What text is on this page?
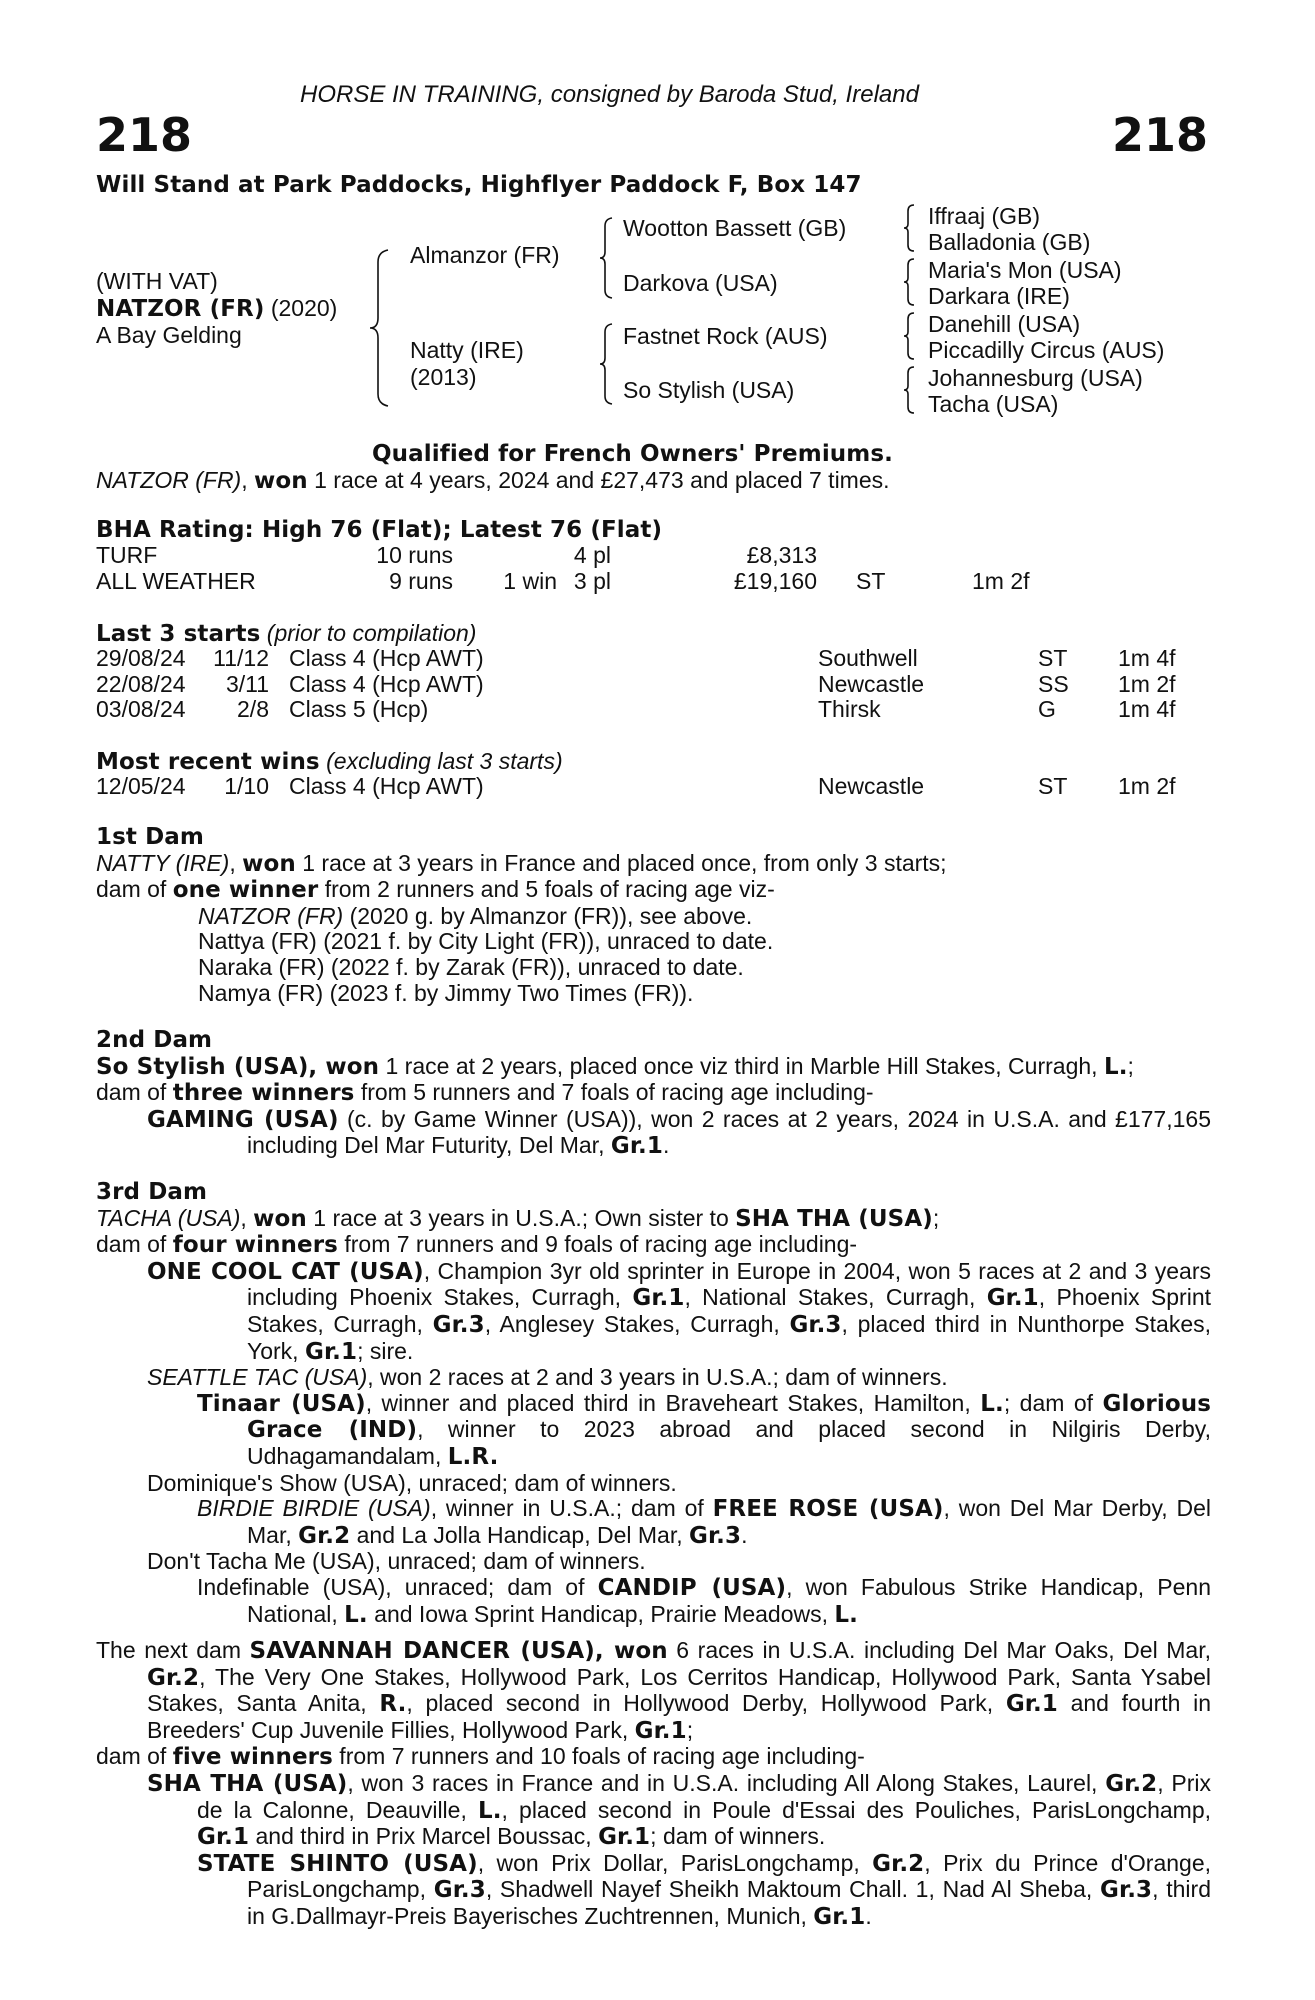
HORSE IN TRAINING, consigned by Baroda Stud, Ireland
218	218
Will Stand at Park Paddocks, Highflyer Paddock F, Box 147
(WITH VAT)
NATZOR (FR) (2020)
A Bay Gelding
Almanzor (FR)
Natty (IRE)
(2013)
Wootton Bassett (GB)
Darkova (USA)
Fastnet Rock (AUS)
So Stylish (USA)
Iffraaj (GB)
Balladonia (GB)
Maria's Mon (USA)
Darkara (IRE)
Danehill (USA)
Piccadilly Circus (AUS)
Johannesburg (USA)
Tacha (USA)
Qualified for French Owners' Premiums.
NATZOR (FR), won 1 race at 4 years, 2024 and £27,473 and placed 7 times.
BHA Rating: High 76 (Flat); Latest 76 (Flat)
TURF	10 runs	4 pl	£8,313
ALL WEATHER	9 runs 1 win 3 pl	£19,160 ST	1m 2f
Last 3 starts (prior to compilation)
29/08/24 11/12 Class 4 (Hcp AWT)	Southwell	ST 1m 4f
22/08/24 3/11 Class 4 (Hcp AWT)	Newcastle	SS 1m 2f
03/08/24 2/8 Class 5 (Hcp)	Thirsk	G	1m 4f
Most recent wins (excluding last 3 starts)
12/05/24 1/10 Class 4 (Hcp AWT)	Newcastle	ST 1m 2f
1st Dam
NATTY (IRE), won 1 race at 3 years in France and placed once, from only 3 starts;
dam of one winner from 2 runners and 5 foals of racing age viz-
NATZOR (FR) (2020 g. by Almanzor (FR)), see above.
Nattya (FR) (2021 f. by City Light (FR)), unraced to date.
Naraka (FR) (2022 f. by Zarak (FR)), unraced to date.
Namya (FR) (2023 f. by Jimmy Two Times (FR)).
2nd Dam
So Stylish (USA), won 1 race at 2 years, placed once viz third in Marble Hill Stakes, Curragh, L.;
dam of three winners from 5 runners and 7 foals of racing age including-
GAMING (USA) (c. by Game Winner (USA)), won 2 races at 2 years, 2024 in U.S.A. and £177,165 including Del Mar Futurity, Del Mar, Gr.1.
3rd Dam
TACHA (USA), won 1 race at 3 years in U.S.A.; Own sister to SHA THA (USA);
dam of four winners from 7 runners and 9 foals of racing age including-
ONE COOL CAT (USA), Champion 3yr old sprinter in Europe in 2004, won 5 races at 2 and 3 years including Phoenix Stakes, Curragh, Gr.1, National Stakes, Curragh, Gr.1, Phoenix Sprint Stakes, Curragh, Gr.3, Anglesey Stakes, Curragh, Gr.3, placed third in Nunthorpe Stakes, York, Gr.1; sire.
SEATTLE TAC (USA), won 2 races at 2 and 3 years in U.S.A.; dam of winners.
Tinaar (USA), winner and placed third in Braveheart Stakes, Hamilton, L.; dam of Glorious Grace (IND), winner to 2023 abroad and placed second in Nilgiris Derby, Udhagamandalam, L.R.
Dominique's Show (USA), unraced; dam of winners.
BIRDIE BIRDIE (USA), winner in U.S.A.; dam of FREE ROSE (USA), won Del Mar Derby, Del Mar, Gr.2 and La Jolla Handicap, Del Mar, Gr.3.
Don't Tacha Me (USA), unraced; dam of winners.
Indefinable (USA), unraced; dam of CANDIP (USA), won Fabulous Strike Handicap, Penn National, L. and Iowa Sprint Handicap, Prairie Meadows, L.
The next dam SAVANNAH DANCER (USA), won 6 races in U.S.A. including Del Mar Oaks, Del Mar, Gr.2, The Very One Stakes, Hollywood Park, Los Cerritos Handicap, Hollywood Park, Santa Ysabel Stakes, Santa Anita, R., placed second in Hollywood Derby, Hollywood Park, Gr.1 and fourth in Breeders' Cup Juvenile Fillies, Hollywood Park, Gr.1;
dam of five winners from 7 runners and 10 foals of racing age including-
SHA THA (USA), won 3 races in France and in U.S.A. including All Along Stakes, Laurel, Gr.2, Prix de la Calonne, Deauville, L., placed second in Poule d'Essai des Pouliches, ParisLongchamp, Gr.1 and third in Prix Marcel Boussac, Gr.1; dam of winners.
STATE SHINTO (USA), won Prix Dollar, ParisLongchamp, Gr.2, Prix du Prince d'Orange, ParisLongchamp, Gr.3, Shadwell Nayef Sheikh Maktoum Chall. 1, Nad Al Sheba, Gr.3, third in G.Dallmayr-Preis Bayerisches Zuchtrennen, Munich, Gr.1.
